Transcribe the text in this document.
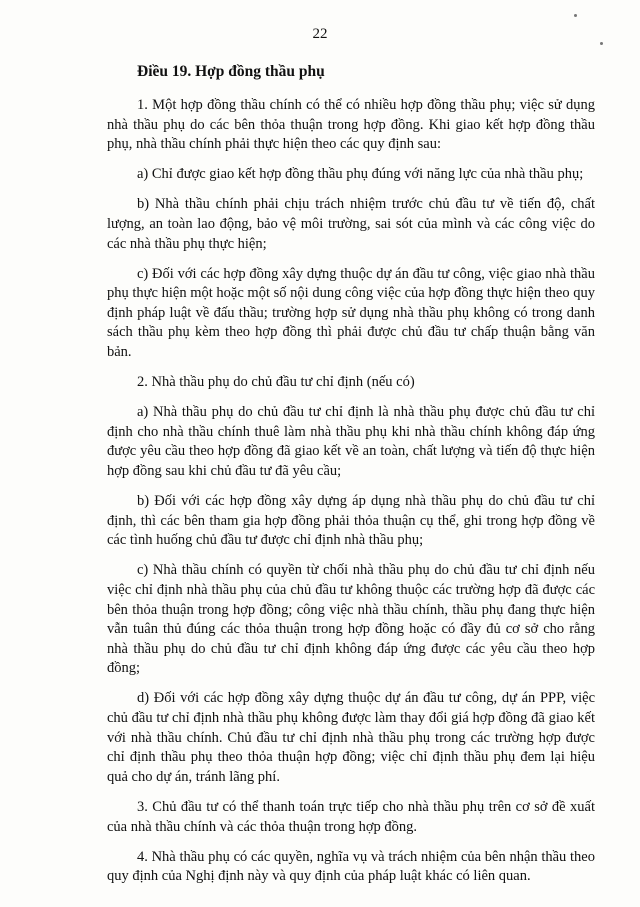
22
Điều 19. Hợp đồng thầu phụ

1. Một hợp đồng thầu chính có thể có nhiều hợp đồng thầu phụ; việc sử dụng nhà thầu phụ do các bên thỏa thuận trong hợp đồng. Khi giao kết hợp đồng thầu phụ, nhà thầu chính phải thực hiện theo các quy định sau:

a) Chỉ được giao kết hợp đồng thầu phụ đúng với năng lực của nhà thầu phụ;

b) Nhà thầu chính phải chịu trách nhiệm trước chủ đầu tư về tiến độ, chất lượng, an toàn lao động, bảo vệ môi trường, sai sót của mình và các công việc do các nhà thầu phụ thực hiện;

c) Đối với các hợp đồng xây dựng thuộc dự án đầu tư công, việc giao nhà thầu phụ thực hiện một hoặc một số nội dung công việc của hợp đồng thực hiện theo quy định pháp luật về đấu thầu; trường hợp sử dụng nhà thầu phụ không có trong danh sách thầu phụ kèm theo hợp đồng thì phải được chủ đầu tư chấp thuận bằng văn bản.

2. Nhà thầu phụ do chủ đầu tư chỉ định (nếu có)

a) Nhà thầu phụ do chủ đầu tư chỉ định là nhà thầu phụ được chủ đầu tư chỉ định cho nhà thầu chính thuê làm nhà thầu phụ khi nhà thầu chính không đáp ứng được yêu cầu theo hợp đồng đã giao kết về an toàn, chất lượng và tiến độ thực hiện hợp đồng sau khi chủ đầu tư đã yêu cầu;

b) Đối với các hợp đồng xây dựng áp dụng nhà thầu phụ do chủ đầu tư chỉ định, thì các bên tham gia hợp đồng phải thỏa thuận cụ thể, ghi trong hợp đồng về các tình huống chủ đầu tư được chỉ định nhà thầu phụ;

c) Nhà thầu chính có quyền từ chối nhà thầu phụ do chủ đầu tư chỉ định nếu việc chỉ định nhà thầu phụ của chủ đầu tư không thuộc các trường hợp đã được các bên thỏa thuận trong hợp đồng; công việc nhà thầu chính, thầu phụ đang thực hiện vẫn tuân thủ đúng các thỏa thuận trong hợp đồng hoặc có đầy đủ cơ sở cho rằng nhà thầu phụ do chủ đầu tư chỉ định không đáp ứng được các yêu cầu theo hợp đồng;

d) Đối với các hợp đồng xây dựng thuộc dự án đầu tư công, dự án PPP, việc chủ đầu tư chỉ định nhà thầu phụ không được làm thay đổi giá hợp đồng đã giao kết với nhà thầu chính. Chủ đầu tư chỉ định nhà thầu phụ trong các trường hợp được chỉ định thầu phụ theo thỏa thuận hợp đồng; việc chỉ định thầu phụ đem lại hiệu quả cho dự án, tránh lãng phí.

3. Chủ đầu tư có thể thanh toán trực tiếp cho nhà thầu phụ trên cơ sở đề xuất của nhà thầu chính và các thỏa thuận trong hợp đồng.

4. Nhà thầu phụ có các quyền, nghĩa vụ và trách nhiệm của bên nhận thầu theo quy định của Nghị định này và quy định của pháp luật khác có liên quan.
